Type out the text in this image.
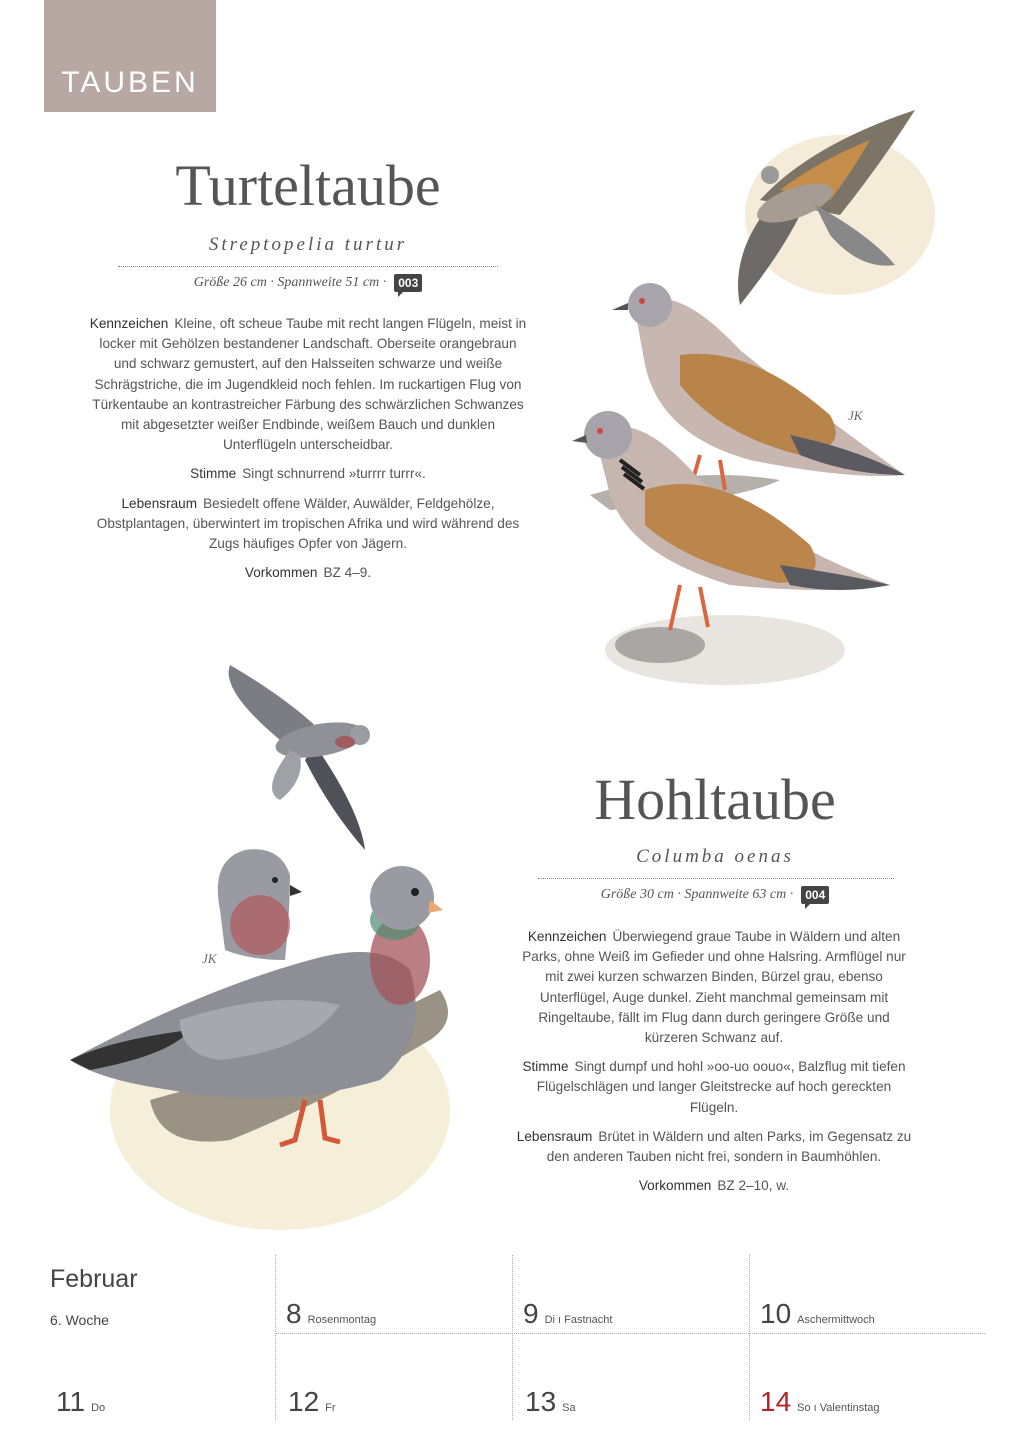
TAUBEN
Turteltaube
Streptopelia turtur
Größe 26 cm · Spannweite 51 cm ·	003

Kennzeichen Kleine, oft scheue Taube mit recht langen Flügeln, meist in locker mit Gehölzen bestandener Landschaft. Oberseite orangebraun und schwarz gemustert, auf den Halsseiten schwarze und weiße Schrägstriche, die im Jugendkleid noch fehlen. Im ruckartigen Flug von Türkentaube an kontrastreicher Färbung des schwärzlichen Schwanzes mit abgesetzter weißer Endbinde, weißem Bauch und dunklen Unterflügeln unterscheidbar.

Stimme Singt schnurrend »turrrr turrr«.

Lebensraum Besiedelt offene Wälder, Auwälder, Feldgehölze, Obstplantagen, überwintert im tropischen Afrika und wird während des Zugs häufiges Opfer von Jägern.

Vorkommen BZ 4–9.

JK
JK
Hohltaube
Columba oenas
Größe 30 cm · Spannweite 63 cm ·	004

Kennzeichen Überwiegend graue Taube in Wäldern und alten Parks, ohne Weiß im Gefieder und ohne Halsring. Armflügel nur mit zwei kurzen schwarzen Binden, Bürzel grau, ebenso Unterflügel, Auge dunkel. Zieht manchmal gemeinsam mit Ringeltaube, fällt im Flug dann durch geringere Größe und kürzeren Schwanz auf.

Stimme Singt dumpf und hohl »oo-uo oouo«, Balzflug mit tiefen Flügelschlägen und langer Gleitstrecke auf hoch gereckten Flügeln.

Lebensraum Brütet in Wäldern und alten Parks, im Gegensatz zu den anderen Tauben nicht frei, sondern in Baumhöhlen.

Vorkommen BZ 2–10, w.

Februar
6. Woche	8 Rosenmontag	9 Di ı Fastnacht	10 Aschermittwoch
11 Do	12 Fr	13 Sa	14 So ı Valentinstag
